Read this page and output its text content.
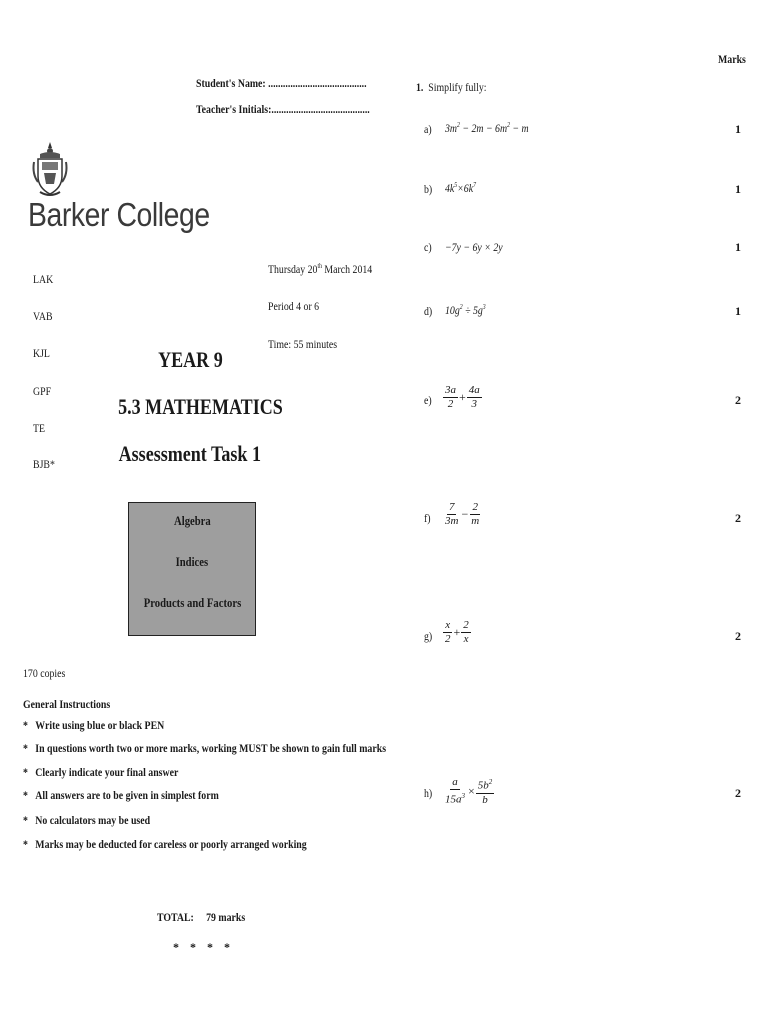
Marks
Student's Name: ........................................
Teacher's Initials:........................................
Barker College
LAK
VAB
KJL
GPF
TE
BJB*
Thursday 20th March 2014
Period 4 or 6
Time: 55 minutes
YEAR 9
5.3 MATHEMATICS
Assessment Task 1
Algebra
Indices
Products and Factors
170 copies
General Instructions
* Write using blue or black PEN
* In questions worth two or more marks, working MUST be shown to gain full marks
* Clearly indicate your final answer
* All answers are to be given in simplest form
* No calculators may be used
* Marks may be deducted for careless or poorly arranged working
TOTAL: 79 marks
* * * *
1. Simplify fully:
a) $3m^2 - 2m - 6m^2 - m$	1
b) $4k^5\times 6k^7$	1
c) −7y − 6y × 2y	1
d) $10g^2 \div 5g^3$	1
$e) \frac{3a}{2} + \frac{4a}{3}$	2
$f) \frac{7}{3m} - \frac{2}{m}$	2
$g) \frac{x}{2} + \frac{2}{x}$	2
$h) \frac{a}{15a^3} \times \frac{5b^2}{b}$	2
